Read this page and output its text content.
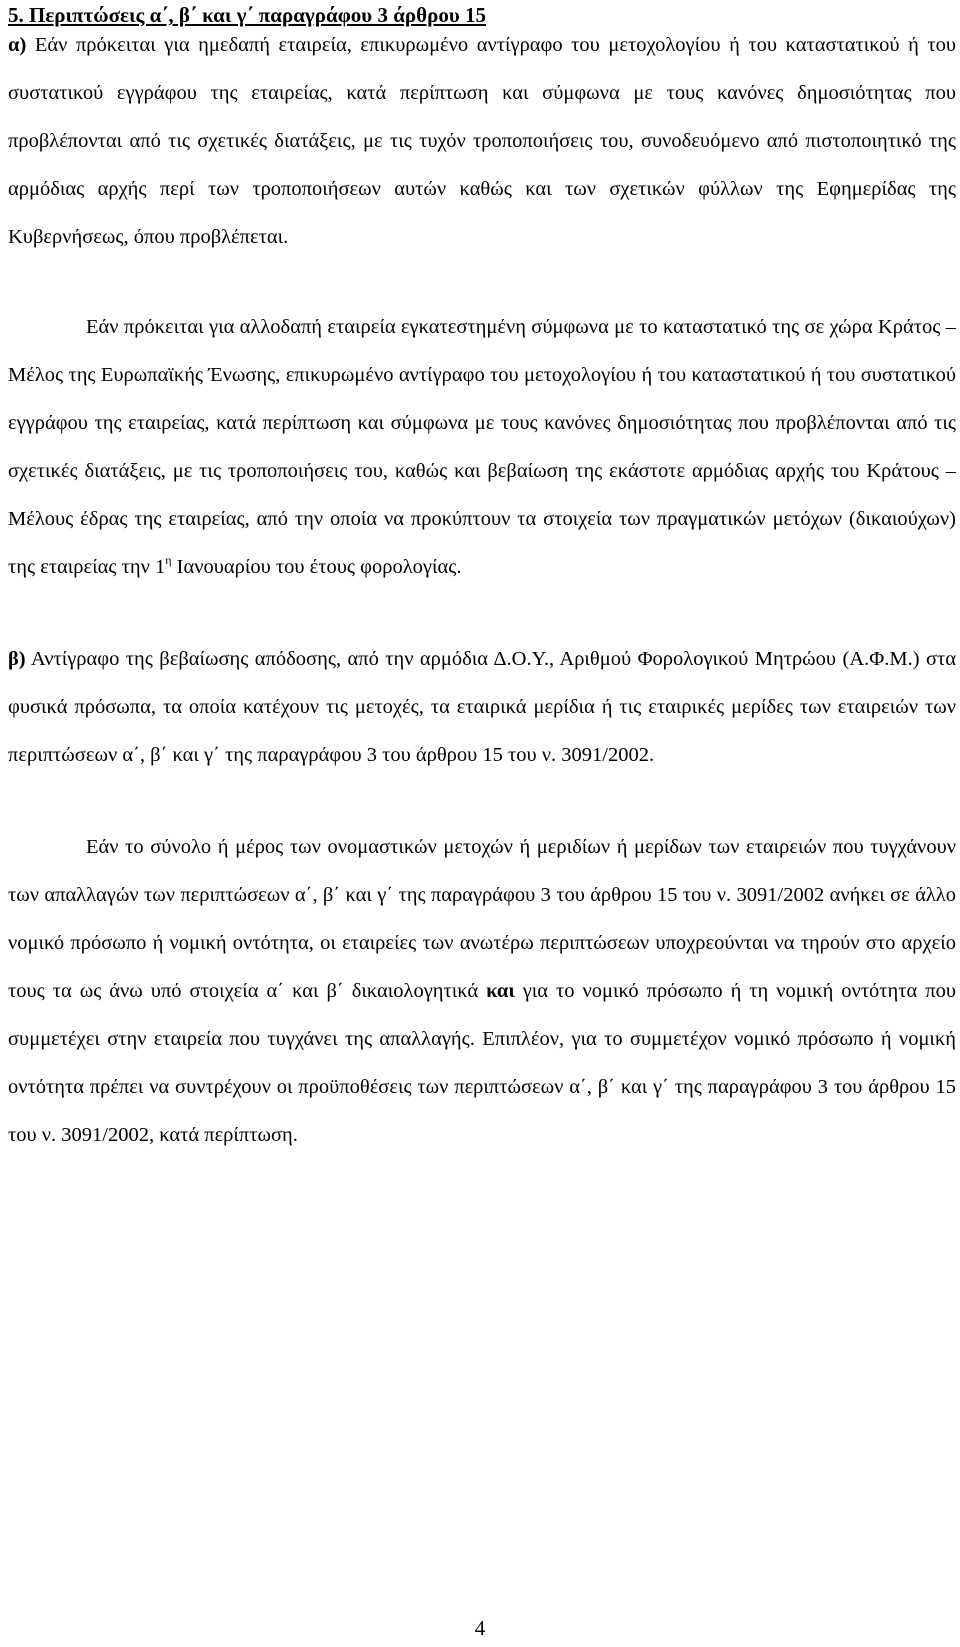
5. Περιπτώσεις α΄, β΄ και γ΄ παραγράφου 3 άρθρου 15

α) Εάν πρόκειται για ημεδαπή εταιρεία, επικυρωμένο αντίγραφο του μετοχολογίου ή του καταστατικού ή του συστατικού εγγράφου της εταιρείας, κατά περίπτωση και σύμφωνα με τους κανόνες δημοσιότητας που προβλέπονται από τις σχετικές διατάξεις, με τις τυχόν τροποποιήσεις του, συνοδευόμενο από πιστοποιητικό της αρμόδιας αρχής περί των τροποποιήσεων αυτών καθώς και των σχετικών φύλλων της Εφημερίδας της Κυβερνήσεως, όπου προβλέπεται.

Εάν πρόκειται για αλλοδαπή εταιρεία εγκατεστημένη σύμφωνα με το καταστατικό της σε χώρα Κράτος – Μέλος της Ευρωπαϊκής Ένωσης, επικυρωμένο αντίγραφο του μετοχολογίου ή του καταστατικού ή του συστατικού εγγράφου της εταιρείας, κατά περίπτωση και σύμφωνα με τους κανόνες δημοσιότητας που προβλέπονται από τις σχετικές διατάξεις, με τις τροποποιήσεις του, καθώς και βεβαίωση της εκάστοτε αρμόδιας αρχής του Κράτους – Μέλους έδρας της εταιρείας, από την οποία να προκύπτουν τα στοιχεία των πραγματικών μετόχων (δικαιούχων) της εταιρείας την $1^\eta$ Ιανουαρίου του έτους φορολογίας.

β) Αντίγραφο της βεβαίωσης απόδοσης, από την αρμόδια Δ.Ο.Υ., Αριθμού Φορολογικού Μητρώου (Α.Φ.Μ.) στα φυσικά πρόσωπα, τα οποία κατέχουν τις μετοχές, τα εταιρικά μερίδια ή τις εταιρικές μερίδες των εταιρειών των περιπτώσεων α΄, β΄ και γ΄ της παραγράφου 3 του άρθρου 15 του ν. 3091/2002.

Εάν το σύνολο ή μέρος των ονομαστικών μετοχών ή μεριδίων ή μερίδων των εταιρειών που τυγχάνουν των απαλλαγών των περιπτώσεων α΄, β΄ και γ΄ της παραγράφου 3 του άρθρου 15 του ν. 3091/2002 ανήκει σε άλλο νομικό πρόσωπο ή νομική οντότητα, οι εταιρείες των ανωτέρω περιπτώσεων υποχρεούνται να τηρούν στο αρχείο τους τα ως άνω υπό στοιχεία α΄ και β΄ δικαιολογητικά και για το νομικό πρόσωπο ή τη νομική οντότητα που συμμετέχει στην εταιρεία που τυγχάνει της απαλλαγής. Επιπλέον, για το συμμετέχον νομικό πρόσωπο ή νομική οντότητα πρέπει να συντρέχουν οι προϋποθέσεις των περιπτώσεων α΄, β΄ και γ΄ της παραγράφου 3 του άρθρου 15 του ν. 3091/2002, κατά περίπτωση.

4
